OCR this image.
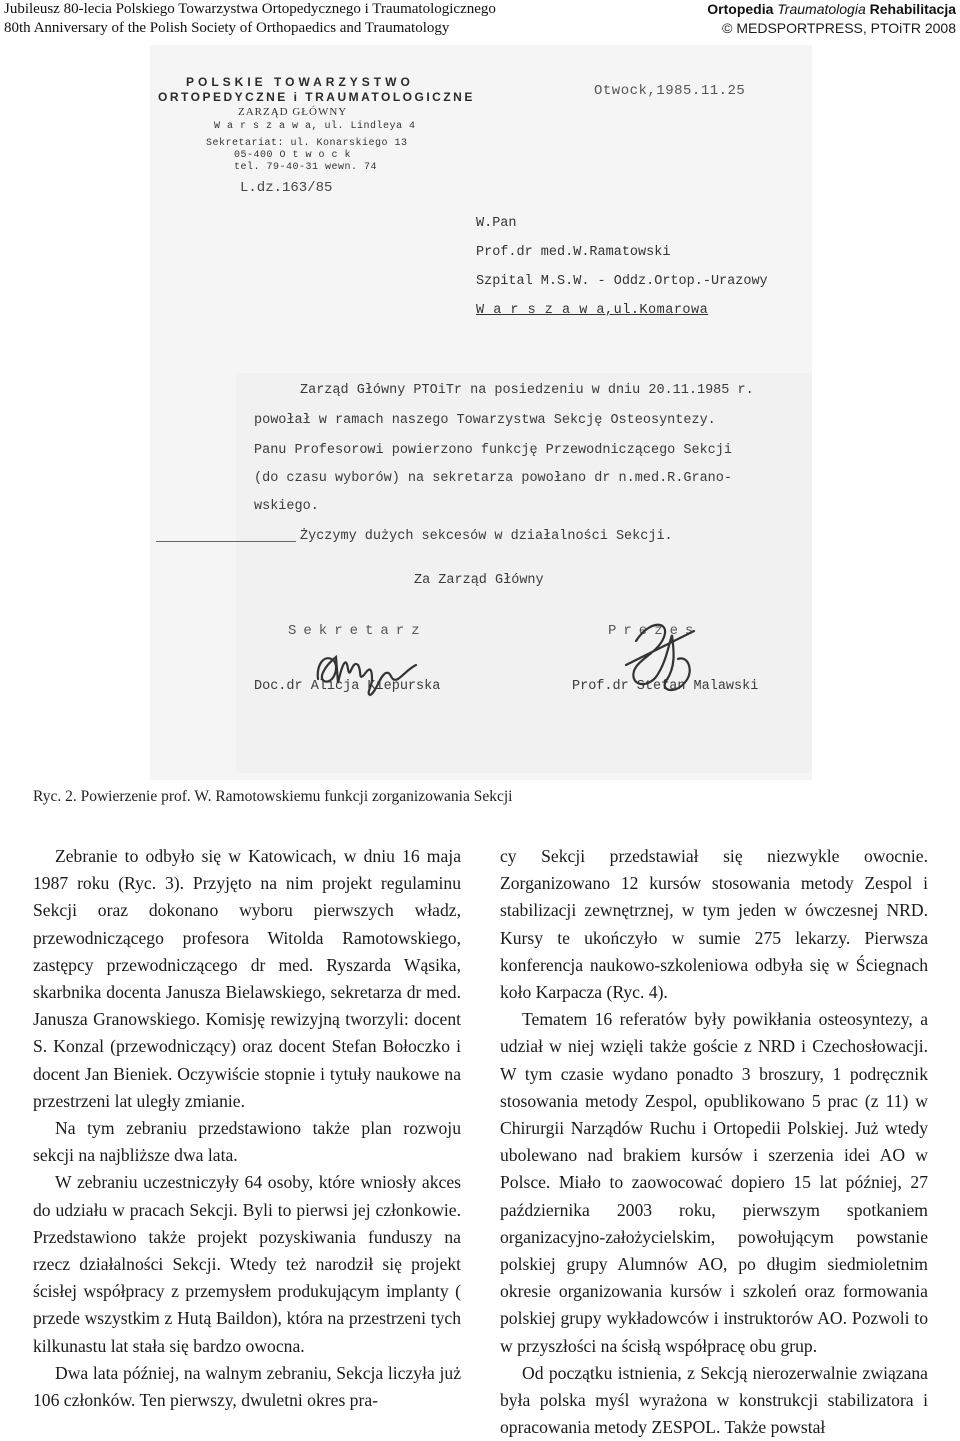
Jubileusz 80-lecia Polskiego Towarzystwa Ortopedycznego i Traumatologicznego
80th Anniversary of the Polish Society of Orthopaedics and Traumatology
Ortopedia Traumatologia Rehabilitacja
© MEDSPORTPRESS, PTOiTR 2008
POLSKIE TOWARZYSTWO
ORTOPEDYCZNE i TRAUMATOLOGICZNE
ZARZĄD GŁÓWNY
W a r s z a w a, ul. Lindleya 4
Sekretariat: ul. Konarskiego 13
05-400 O t w o c k
tel. 79-40-31 wewn. 74
L.dz.163/85
Otwock,1985.11.25
W.Pan
Prof.dr med.W.Ramatowski
Szpital M.S.W. - Oddz.Ortop.-Urazowy
W a r s z a w a,ul.Komarowa
Zarząd Główny PTOiTr na posiedzeniu w dniu 20.11.1985 r.
powołał w ramach naszego Towarzystwa Sekcję Osteosyntezy.
Panu Profesorowi powierzono funkcję Przewodniczącego Sekcji
(do czasu wyborów) na sekretarza powołano dr n.med.R.Grano-
wskiego.
Życzymy dużych sekcesów w działalności Sekcji.
Za Zarząd Główny
Sekretarz	Prezes
Doc.dr Alicja Kiepurska	Prof.dr Stefan Malawski
Ryc. 2. Powierzenie prof. W. Ramotowskiemu funkcji zorganizowania Sekcji

Zebranie to odbyło się w Katowicach, w dniu 16 maja 1987 roku (Ryc. 3). Przyjęto na nim projekt regulaminu Sekcji oraz dokonano wyboru pierwszych władz, przewodniczącego profesora Witolda Ramotowskiego, zastępcy przewodniczącego dr med. Ryszarda Wąsika, skarbnika docenta Janusza Bielawskiego, sekretarza dr med. Janusza Granowskiego. Komisję rewizyjną tworzyli: docent S. Konzal (przewodniczący) oraz docent Stefan Bołoczko i docent Jan Bieniek. Oczywiście stopnie i tytuły naukowe na przestrzeni lat uległy zmianie.

Na tym zebraniu przedstawiono także plan rozwoju sekcji na najbliższe dwa lata.

W zebraniu uczestniczyły 64 osoby, które wniosły akces do udziału w pracach Sekcji. Byli to pierwsi jej członkowie. Przedstawiono także projekt pozyskiwania funduszy na rzecz działalności Sekcji. Wtedy też narodził się projekt ścisłej współpracy z przemysłem produkującym implanty ( przede wszystkim z Hutą Baildon), która na przestrzeni tych kilkunastu lat stała się bardzo owocna.

Dwa lata później, na walnym zebraniu, Sekcja liczyła już 106 członków. Ten pierwszy, dwuletni okres pra-

cy Sekcji przedstawiał się niezwykle owocnie. Zorganizowano 12 kursów stosowania metody Zespol i stabilizacji zewnętrznej, w tym jeden w ówczesnej NRD. Kursy te ukończyło w sumie 275 lekarzy. Pierwsza konferencja naukowo-szkoleniowa odbyła się w Ściegnach koło Karpacza (Ryc. 4).

Tematem 16 referatów były powikłania osteosyntezy, a udział w niej wzięli także goście z NRD i Czechosłowacji. W tym czasie wydano ponadto 3 broszury, 1 podręcznik stosowania metody Zespol, opublikowano 5 prac (z 11) w Chirurgii Narządów Ruchu i Ortopedii Polskiej. Już wtedy ubolewano nad brakiem kursów i szerzenia idei AO w Polsce. Miało to zaowocować dopiero 15 lat później, 27 października 2003 roku, pierwszym spotkaniem organizacyjno-założycielskim, powołującym powstanie polskiej grupy Alumnów AO, po długim siedmioletnim okresie organizowania kursów i szkoleń oraz formowania polskiej grupy wykładowców i instruktorów AO. Pozwoli to w przyszłości na ścisłą współpracę obu grup.

Od początku istnienia, z Sekcją nierozerwalnie związana była polska myśl wyrażona w konstrukcji stabilizatora i opracowania metody ZESPOL. Także powstał
